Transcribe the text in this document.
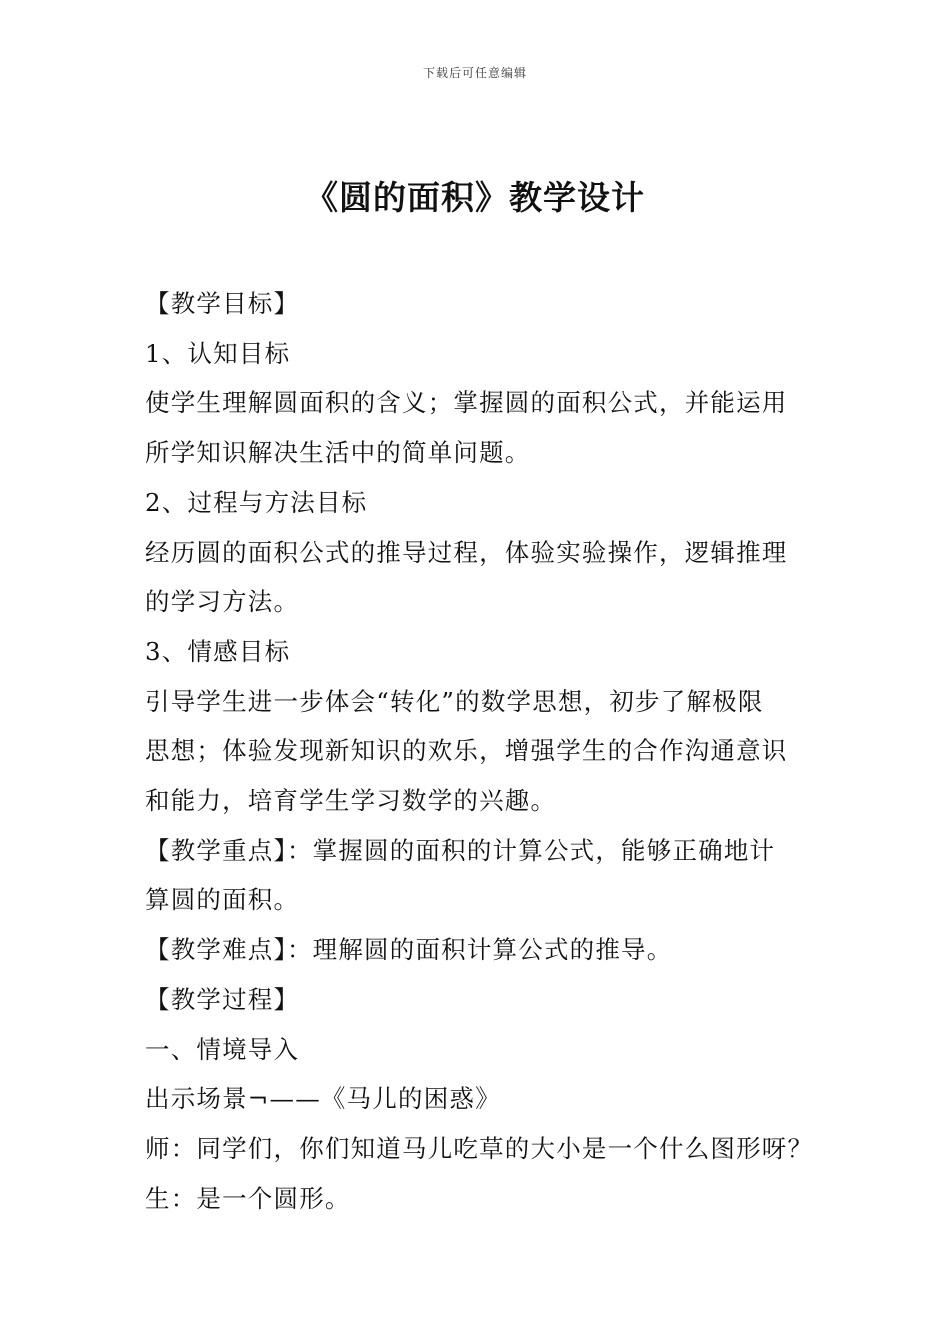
下载后可任意编辑
《圆的面积》教学设计

【教学目标】

1、认知目标

使学生理解圆面积的含义；掌握圆的面积公式，并能运用

所学知识解决生活中的简单问题。

2、过程与方法目标

经历圆的面积公式的推导过程，体验实验操作，逻辑推理

的学习方法。

3、情感目标

引导学生进一步体会“转化”的数学思想，初步了解极限

思想；体验发现新知识的欢乐，增强学生的合作沟通意识

和能力，培育学生学习数学的兴趣。

【教学重点】：掌握圆的面积的计算公式，能够正确地计

算圆的面积。

【教学难点】：理解圆的面积计算公式的推导。

【教学过程】

一、情境导入

出示场景¬——《马儿的困惑》

师：同学们，你们知道马儿吃草的大小是一个什么图形呀？

生：是一个圆形。
